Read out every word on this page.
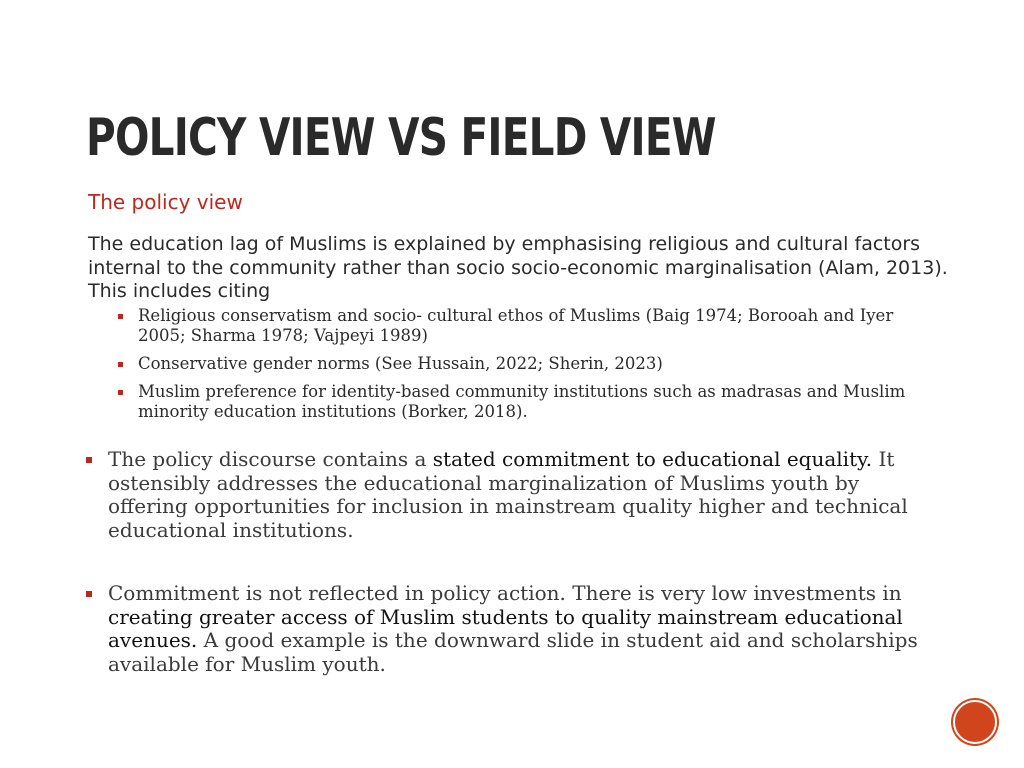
POLICY VIEW VS FIELD VIEW

The policy view

The education lag of Muslims is explained by emphasising religious and cultural factors internal to the community rather than socio socio-economic marginalisation (Alam, 2013). This includes citing

Religious conservatism and socio- cultural ethos of Muslims (Baig 1974; Borooah and Iyer 2005; Sharma 1978; Vajpeyi 1989)
Conservative gender norms (See Hussain, 2022; Sherin, 2023)
Muslim preference for identity-based community institutions such as madrasas and Muslim minority education institutions (Borker, 2018).
The policy discourse contains a stated commitment to educational equality. It ostensibly addresses the educational marginalization of Muslims youth by offering opportunities for inclusion in mainstream quality higher and technical educational institutions.
Commitment is not reflected in policy action. There is very low investments in creating greater access of Muslim students to quality mainstream educational avenues. A good example is the downward slide in student aid and scholarships available for Muslim youth.
